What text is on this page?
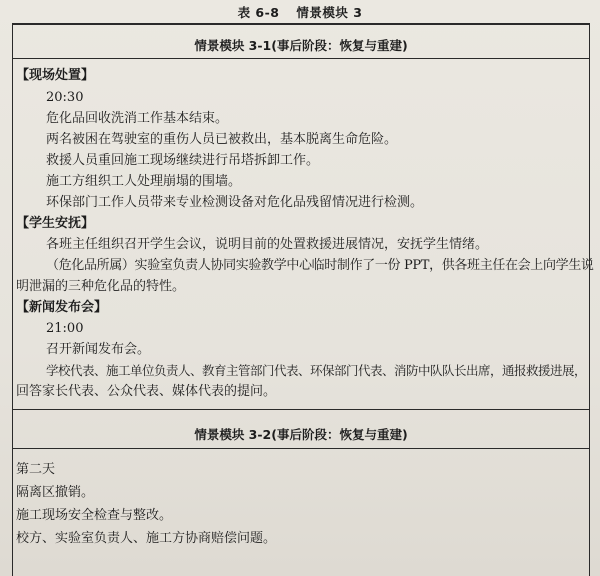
表 6-8 情景模块 3
情景模块 3-1(事后阶段：恢复与重建)
【现场处置】
20:30
危化品回收洗消工作基本结束。
两名被困在驾驶室的重伤人员已被救出，基本脱离生命危险。
救援人员重回施工现场继续进行吊塔拆卸工作。
施工方组织工人处理崩塌的围墙。
环保部门工作人员带来专业检测设备对危化品残留情况进行检测。
【学生安抚】
各班主任组织召开学生会议，说明目前的处置救援进展情况，安抚学生情绪。
（危化品所属）实验室负责人协同实验教学中心临时制作了一份 PPT，供各班主任在会上向学生说
明泄漏的三种危化品的特性。
【新闻发布会】
21:00
召开新闻发布会。
学校代表、施工单位负责人、教育主管部门代表、环保部门代表、消防中队队长出席，通报救援进展，
情景模块 3-2(事后阶段：恢复与重建)
第二天
隔离区撤销。
施工现场安全检查与整改。
校方、实验室负责人、施工方协商赔偿问题。
回答家长代表、公众代表、媒体代表的提问。
